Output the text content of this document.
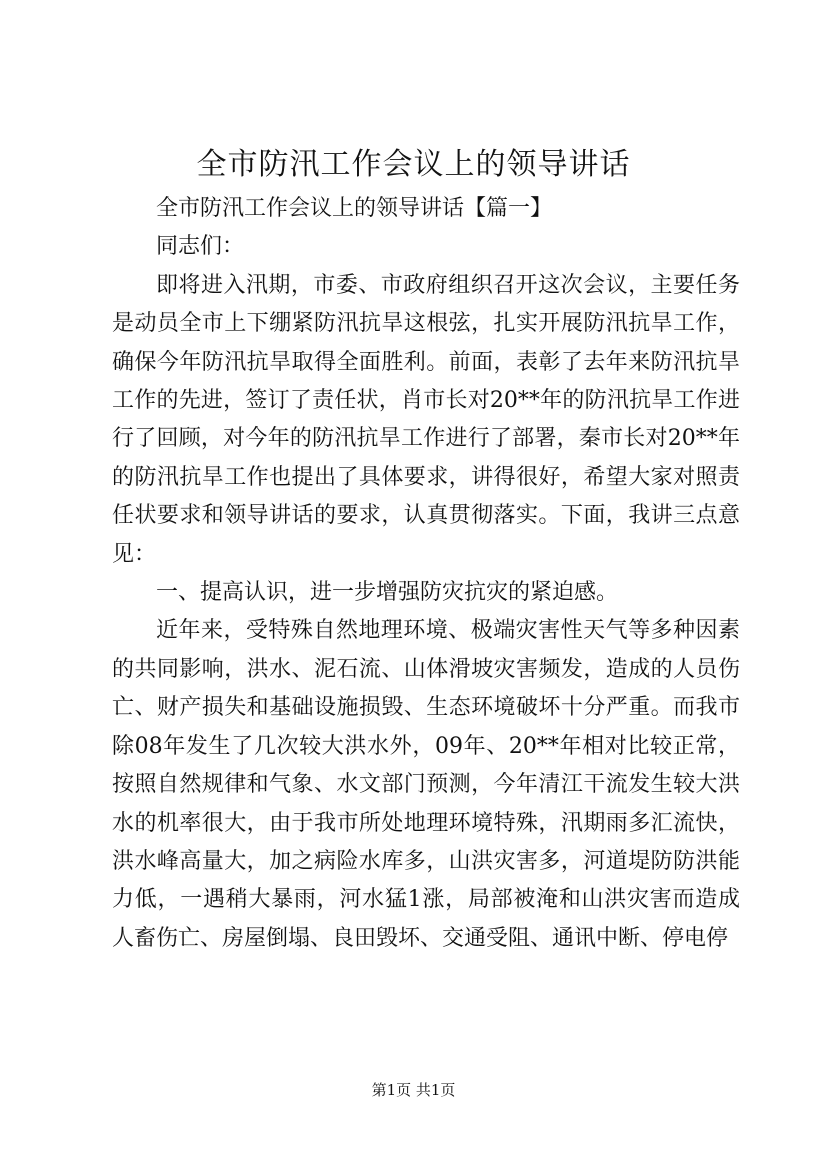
全市防汛工作会议上的领导讲话

全市防汛工作会议上的领导讲话【篇一】

同志们：

即将进入汛期，市委、市政府组织召开这次会议，主要任务是动员全市上下绷紧防汛抗旱这根弦，扎实开展防汛抗旱工作，确保今年防汛抗旱取得全面胜利。前面，表彰了去年来防汛抗旱工作的先进，签订了责任状，肖市长对20**年的防汛抗旱工作进行了回顾，对今年的防汛抗旱工作进行了部署，秦市长对20**年的防汛抗旱工作也提出了具体要求，讲得很好，希望大家对照责任状要求和领导讲话的要求，认真贯彻落实。下面，我讲三点意见：

一、提高认识，进一步增强防灾抗灾的紧迫感。

近年来，受特殊自然地理环境、极端灾害性天气等多种因素的共同影响，洪水、泥石流、山体滑坡灾害频发，造成的人员伤亡、财产损失和基础设施损毁、生态环境破坏十分严重。而我市除08年发生了几次较大洪水外，09年、20**年相对比较正常，按照自然规律和气象、水文部门预测，今年清江干流发生较大洪水的机率很大，由于我市所处地理环境特殊，汛期雨多汇流快，洪水峰高量大，加之病险水库多，山洪灾害多，河道堤防防洪能力低，一遇稍大暴雨，河水猛1涨，局部被淹和山洪灾害而造成人畜伤亡、房屋倒塌、良田毁坏、交通受阻、通讯中断、停电停

第1页 共1页
